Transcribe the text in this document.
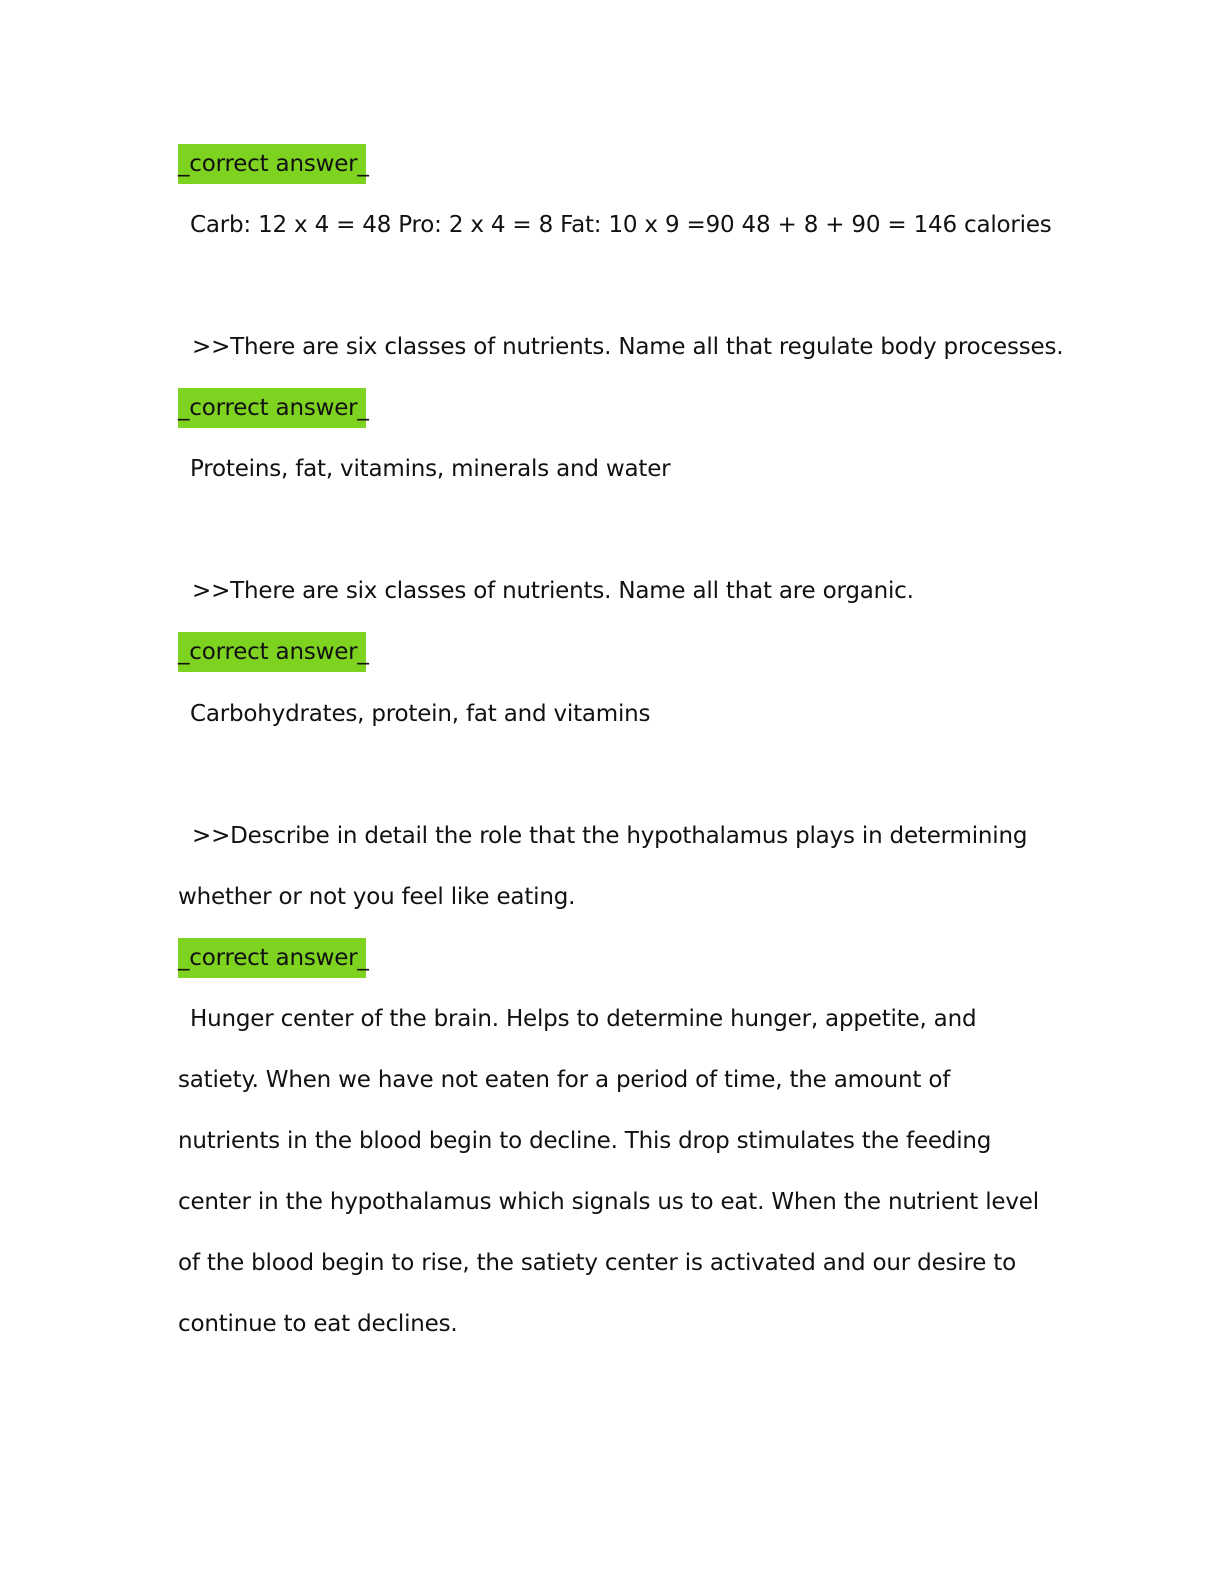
_correct answer_
Carb: 12 x 4 = 48 Pro: 2 x 4 = 8 Fat: 10 x 9 =90 48 + 8 + 90 = 146 calories
>>There are six classes of nutrients. Name all that regulate body processes.
_correct answer_
Proteins, fat, vitamins, minerals and water
>>There are six classes of nutrients. Name all that are organic.
_correct answer_
Carbohydrates, protein, fat and vitamins
>>Describe in detail the role that the hypothalamus plays in determining
whether or not you feel like eating.
_correct answer_
Hunger center of the brain. Helps to determine hunger, appetite, and
satiety. When we have not eaten for a period of time, the amount of
nutrients in the blood begin to decline. This drop stimulates the feeding
center in the hypothalamus which signals us to eat. When the nutrient level
of the blood begin to rise, the satiety center is activated and our desire to
continue to eat declines.
